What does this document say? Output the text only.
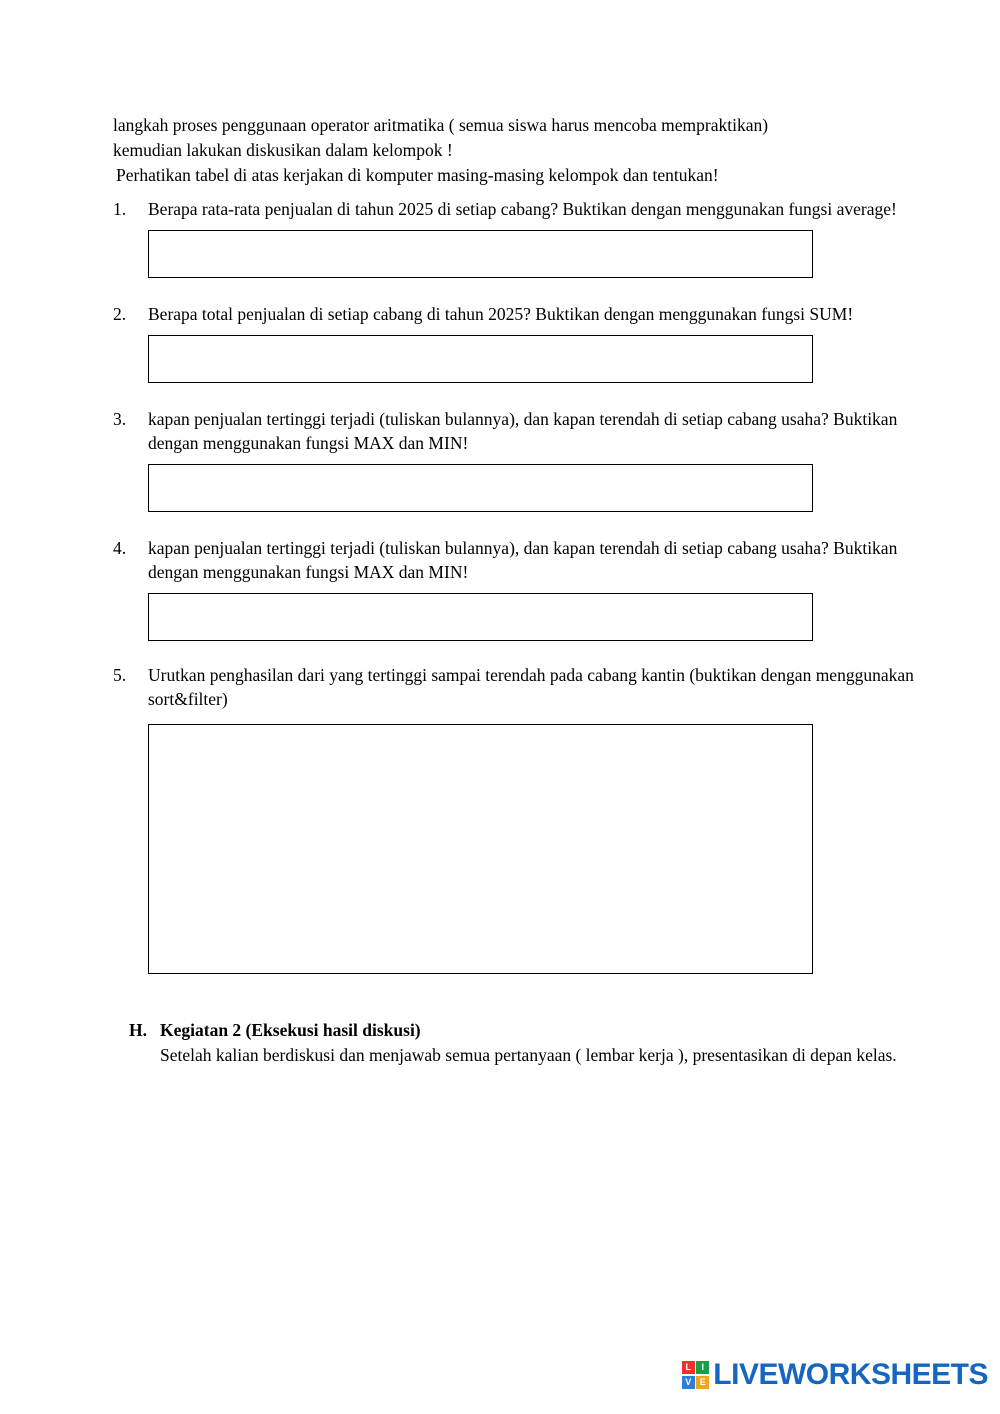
langkah proses penggunaan operator aritmatika ( semua siswa harus mencoba mempraktikan)
kemudian lakukan diskusikan dalam kelompok !
Perhatikan tabel di atas kerjakan di komputer masing-masing kelompok dan tentukan!
1.	Berapa rata-rata penjualan di tahun 2025 di setiap cabang? Buktikan dengan menggunakan fungsi average!
2.	Berapa total penjualan di setiap cabang di tahun 2025? Buktikan dengan menggunakan fungsi SUM!
3.	kapan penjualan tertinggi terjadi (tuliskan bulannya), dan kapan terendah di setiap cabang usaha? Buktikan dengan menggunakan fungsi MAX dan MIN!
4.	kapan penjualan tertinggi terjadi (tuliskan bulannya), dan kapan terendah di setiap cabang usaha? Buktikan dengan menggunakan fungsi MAX dan MIN!
5.	Urutkan penghasilan dari yang tertinggi sampai terendah pada cabang kantin (buktikan dengan menggunakan sort&filter)
H. Kegiatan 2 (Eksekusi hasil diskusi)
Setelah kalian berdiskusi dan menjawab semua pertanyaan ( lembar kerja ), presentasikan di depan kelas.
L	I
V E LIVEWORKSHEETS
